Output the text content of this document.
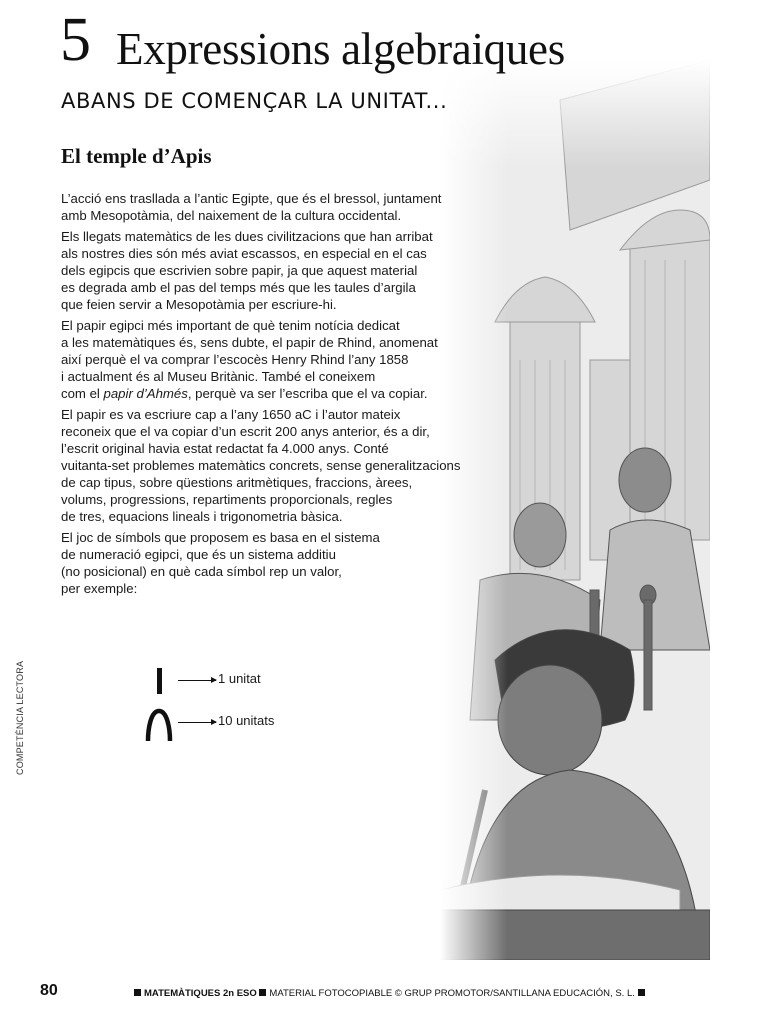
5 Expressions algebraiques
ABANS DE COMENÇAR LA UNITAT...
El temple d’Apis

L’acció ens trasllada a l’antic Egipte, que és el bressol, juntament
amb Mesopotàmia, del naixement de la cultura occidental.

Els llegats matemàtics de les dues civilitzacions que han arribat
als nostres dies són més aviat escassos, en especial en el cas
dels egipcis que escrivien sobre papir, ja que aquest material
es degrada amb el pas del temps més que les taules d’argila
que feien servir a Mesopotàmia per escriure-hi.

El papir egipci més important de què tenim notícia dedicat
a les matemàtiques és, sens dubte, el papir de Rhind, anomenat
així perquè el va comprar l’escocès Henry Rhind l’any 1858
i actualment és al Museu Britànic. També el coneixem
com el papir d’Ahmés, perquè va ser l’escriba que el va copiar.

El papir es va escriure cap a l’any 1650 aC i l’autor mateix
reconeix que el va copiar d’un escrit 200 anys anterior, és a dir,
l’escrit original havia estat redactat fa 4.000 anys. Conté
vuitanta-set problemes matemàtics concrets, sense generalitzacions
de cap tipus, sobre qüestions aritmètiques, fraccions, àrees,
volums, progressions, repartiments proporcionals, regles
de tres, equacions lineals i trigonometria bàsica.

El joc de símbols que proposem es basa en el sistema
de numeració egipci, que és un sistema additiu
(no posicional) en què cada símbol rep un valor,
per exemple:

1 unitat
10 unitats
COMPETÈNCIA LECTORA
80	MATEMÀTIQUES 2n ESO MATERIAL FOTOCOPIABLE © GRUP PROMOTOR/SANTILLANA EDUCACIÓN, S. L.
